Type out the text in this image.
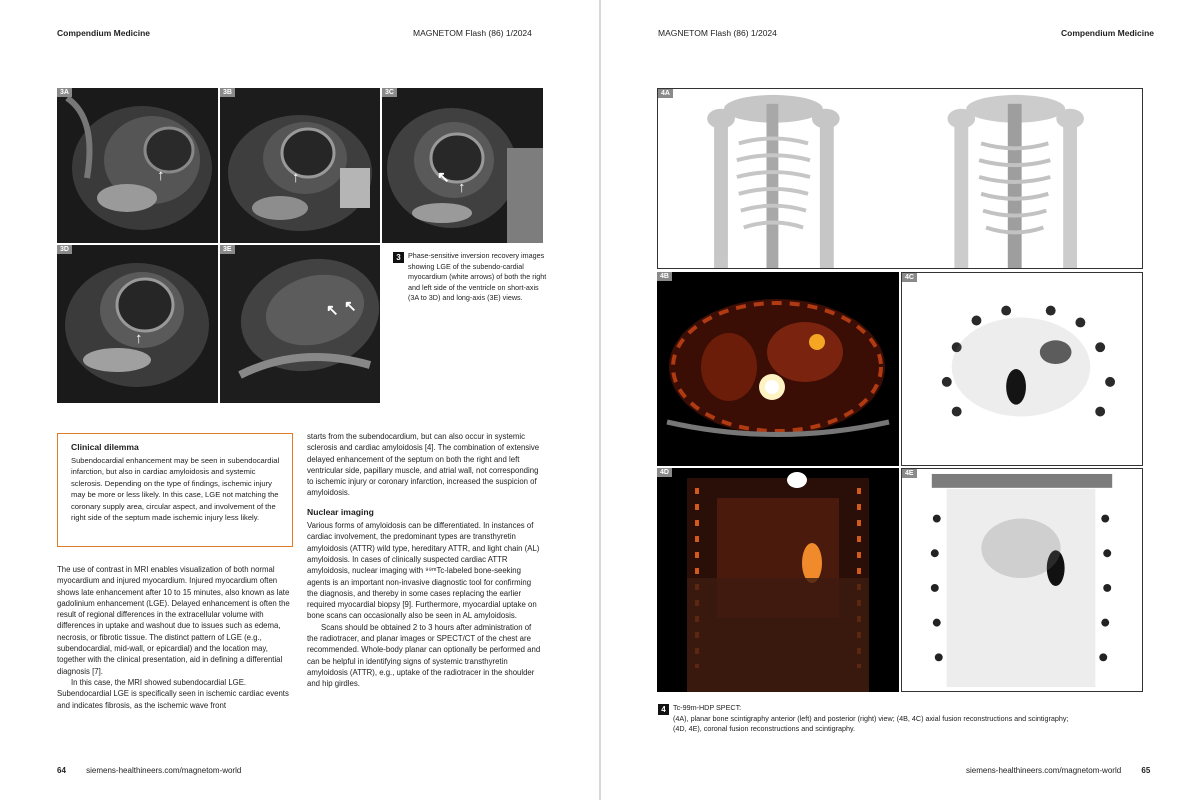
Compendium Medicine	MAGNETOM Flash (86) 1/2024
3A
↑
3B
↑
3C
↖
↑
3D
↑
3E
↖ ↖
3	Phase-sensitive inversion recovery images showing LGE of the subendo-cardial myocardium (white arrows) of both the right and left side of the ventricle on short-axis (3A to 3D) and long-axis (3E) views.
Clinical dilemma

Subendocardial enhancement may be seen in subendocardial infarction, but also in cardiac amyloidosis and systemic sclerosis. Depending on the type of findings, ischemic injury may be more or less likely. In this case, LGE not matching the coronary supply area, circular aspect, and involvement of the right side of the septum made ischemic injury less likely.

The use of contrast in MRI enables visualization of both normal myocardium and injured myocardium. Injured myocardium often shows late enhancement after 10 to 15 minutes, also known as late gadolinium enhancement (LGE). Delayed enhancement is often the result of regional differences in the extracellular volume with differences in uptake and washout due to issues such as edema, necrosis, or fibrotic tissue. The distinct pattern of LGE (e.g., subendocardial, mid-wall, or epicardial) and the location may, together with the clinical presentation, aid in defining a differential diagnosis [7].

In this case, the MRI showed subendocardial LGE. Subendocardial LGE is specifically seen in ischemic cardiac events and indicates fibrosis, as the ischemic wave front

starts from the subendocardium, but can also occur in systemic sclerosis and cardiac amyloidosis [4]. The combination of extensive delayed enhancement of the septum on both the right and left ventricular side, papillary muscle, and atrial wall, not corresponding to ischemic injury or coronary infarction, increased the suspicion of amyloidosis.

Nuclear imaging

Various forms of amyloidosis can be differentiated. In instances of cardiac involvement, the predominant types are transthyretin amyloidosis (ATTR) wild type, hereditary ATTR, and light chain (AL) amyloidosis. In cases of clinically suspected cardiac ATTR amyloidosis, nuclear imaging with ⁹⁹ᵐTc-labeled bone-seeking agents is an important non-invasive diagnostic tool for confirming the diagnosis, and thereby in some cases replacing the earlier required myocardial biopsy [9]. Furthermore, myocardial uptake on bone scans can occasionally also be seen in AL amyloidosis.

Scans should be obtained 2 to 3 hours after administration of the radiotracer, and planar images or SPECT/CT of the chest are recommended. Whole-body planar can optionally be performed and can be helpful in identifying signs of systemic transthyretin amyloidosis (ATTR), e.g., uptake of the radiotracer in the shoulder and hip girdles.

64	siemens-healthineers.com/magnetom-world
MAGNETOM Flash (86) 1/2024	Compendium Medicine
4A
4B	4C
4D	4E
4	Tc-99m-HDP SPECT:
(4A), planar bone scintigraphy anterior (left) and posterior (right) view; (4B, 4C) axial fusion reconstructions and scintigraphy;
(4D, 4E), coronal fusion reconstructions and scintigraphy.
siemens-healthineers.com/magnetom-world	65
